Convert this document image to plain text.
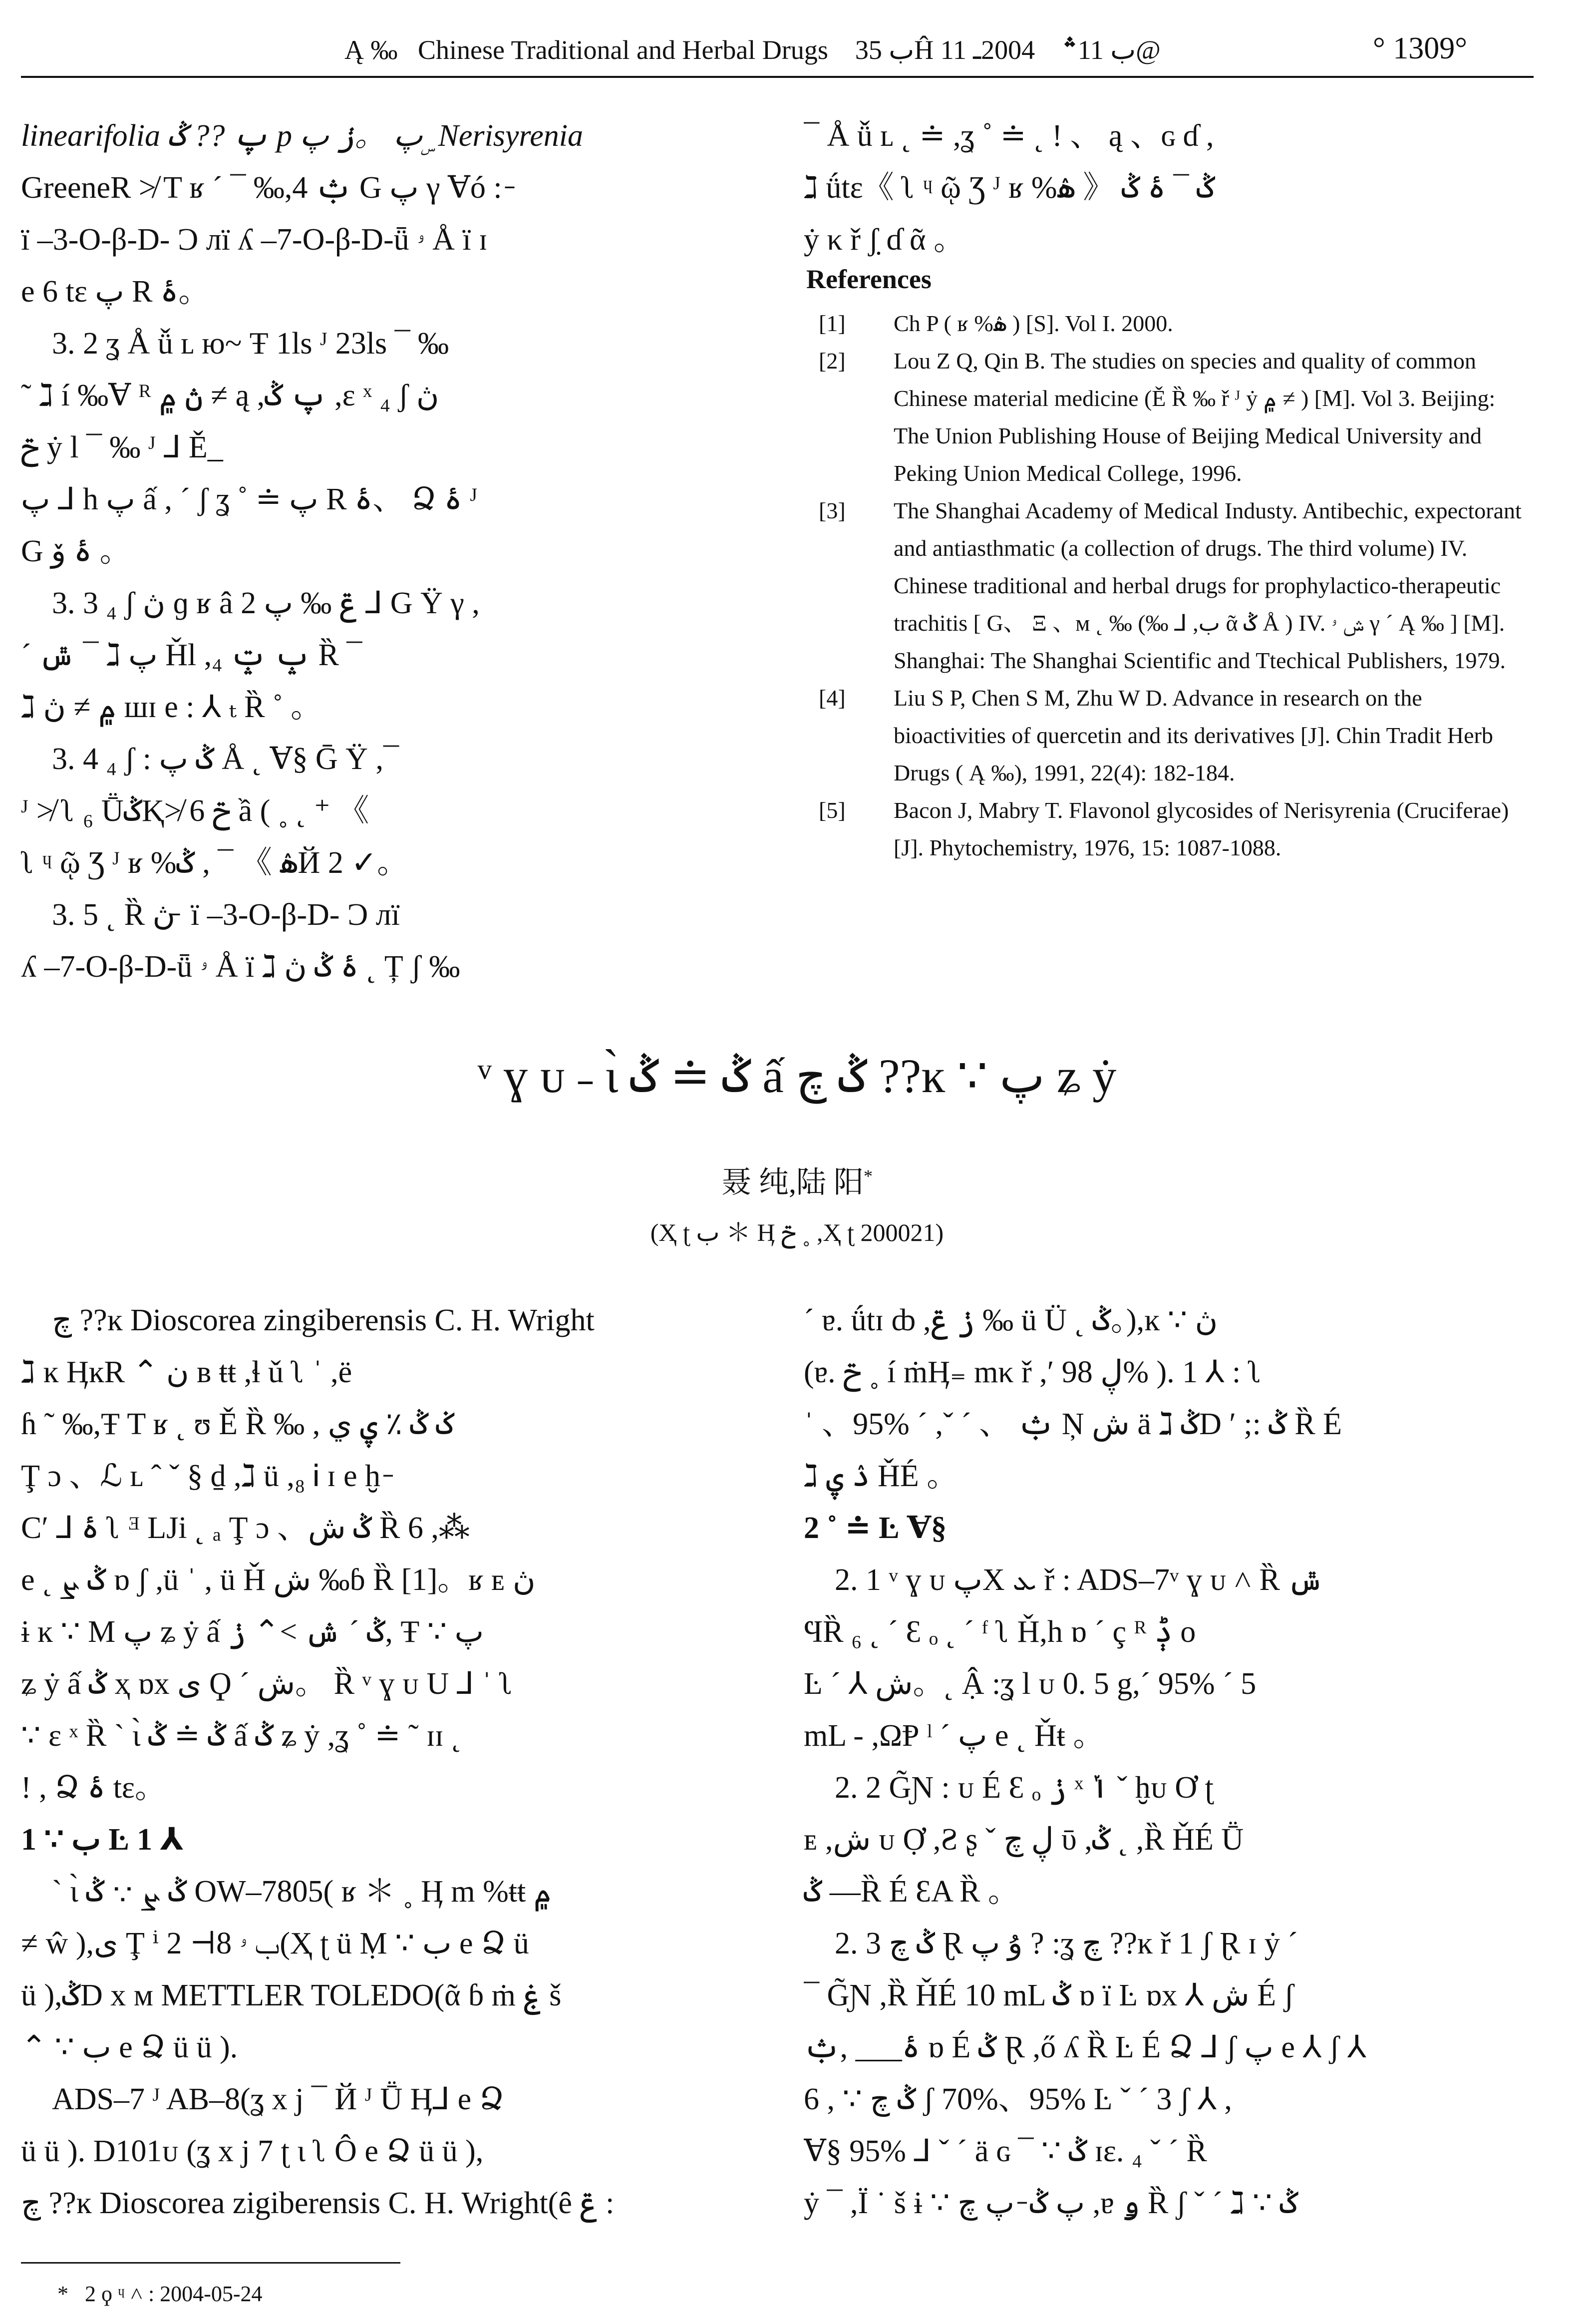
Ą ‰ Chinese Traditional and Herbal Drugs ب 35Ĥ ب 11؞    2004ـ 11@	° 1309°
linearifolia پ ?? ݣ p پ 。ݫ پ ۣ Nerisyrenia
GreeneR ≯ T ʁ ˊ ¯ ‰,4 ݑ G پ γ Ɐó : ̵
ï –3-O-β-D- Ɔ лï ʎ –7-O-β-D-ǖ ۥ Å ï ɪ
e 6 tε پ R ۂ。
3. 2 ʓ Å ǚ ʟ ю~ Ŧ 1ls ᴶ 23ls ¯ ‰
˜ ℷ í ‰Ɐ ᴿ ڽ ۾ ≠ ą ,پ ݣ ,ɛ ˣ ₄ ʃ ڽ
ݗ ẏ l ¯ ‰ ᴶ ⅃ Ě_
پ ⅃ h پ ấ , ˊ ʃ ʓ ˚ ≐ پ R ۂ、 Ձ ۂ ᴶ
G ۂ ۆ 。
3. 3 ₄ ʃ ڽ ɡ ʁ â ݝ ‰ پ 2 ⅃ G Ÿ γ ,
ˊ ݜ ¯ ℷ پ Ȟl ,₄ ݒ ݓ Ȑ ¯
ℷ ۾ ≠ ڽ шɪ e : ⅄ ₜ Ȑ ˚ 。
3. 4 ₄ ʃ : ݣ پ Å ˛ Ɐ§ Ḡ Ÿ ,¯
ᴶ ≯ ʅ ₆ ṺݣⱩ≯ 6 ݗ ầ ( ˳ ˛ ⁺ 《
ʅ ᶣ ῷ Ʒ ᴶ ʁ %ۿ 》 ¯ , ݣЙ 2 ✓。
3. 5 ˛ Ȑ ڽ ̵ ï –3-O-β-D- Ɔ лï
ʎ –7-O-β-D-ǖ ۥ Å ï ℷ ۂ ݣ ڽ ˛ Ț ʃ ‰
¯ Å ǚ ʟ ˛ ≐ ,ʓ ˚ ≐ ˛ ! 、 ą 、ɢ ɗ ,
ℷ ǘtɛ《 ʅ ᶣ ῷ Ʒ ᴶ ʁ %ۿ 》 ݣ ¯ ۂ ݣ
ẏ κ ř ʃ̣ ɗ ᾶ 。
References
[1]	Ch P ( ʁ %ۿ ) [S]. Vol I. 2000.
[2]	Lou Z Q, Qin B. The studies on species and quality of common Chinese material medicine (Ě Ȑ ‰ ř ᴶ ẏ ۾ ≠ ) [M]. Vol 3. Beijing: The Union Publishing House of Beijing Medical University and Peking Union Medical College, 1996.
[3]	The Shanghai Academy of Medical Industy. Antibechic, expectorant and antiasthmatic (a collection of drugs. The third volume) IV. Chinese traditional and herbal drugs for prophylactico-therapeutic trachitis [ G、 Ξ 、ᴍ ˛ ‰ (‰ ⅃ ,ب ᾶ ݣ Å ) IV. ش ۥ γ ˊ Ą ‰ ] [M]. Shanghai: The Shanghai Scientific and Ttechical Publishers, 1979.
[4]	Liu S P, Chen S M, Zhu W D. Advance in research on the bioactivities of quercetin and its derivatives [J]. Chin Tradit Herb Drugs ( Ą ‰), 1991, 22(4): 182-184.
[5]	Bacon J, Mabry T. Flavonol glycosides of Nerisyrenia (Cruciferae) [J]. Phytochemistry, 1976, 15: 1087-1088.
ᵛ ɣ ᴜ ˗ ɩ̀ ݣ ≐ ݣ ấ ݣ چ ??ĸ ∵ پ ʑ ẏ
聂 纯,陆 阳*
(Ҳ ʈ ب ＊ Ӊ ݗ ˳ ,Ҳ ʈ 200021)
چ ??ĸ Dioscorea zingiberensis C. H. Wright
ℷ ĸ ӉĸR ⌃ ن ʙ ŧŧ ,ɬ ǔ ʅ ˈ ,ë
ɦ ˜ ‰,Ŧ T ʁ ˛ ʊ Ě Ȑ ‰ , ݢ ݣ ٪ ۑ ي
Ţ ɔ 、ℒ ʟ ˆ ˇ § ḏ ,ℷ ü ,₈ Ꭵ ɪ e ḫ ̵
Cʹ ⅃ ۂ ʅ ᴲ LJi ˛ ₐ Ţ ɔ 、ݣ ش Ȑ 6 ,⁂
e ˛ ݣ ܨ ɒ ʃ ,ü ˈ , ü Ȟ ش ‰ɓ Ȑ [1]。ʁ ᴇ ڽ
ɨ ĸ ∵ M پ ʑ ẏ ấ ݣ ˊ ش >⌃ ݫ, Ŧ ∵ پ
ʑ ẏ ấ ݣ ҳ ɒх ى Ϙ ˊ ش。 Ȑ ᵛ ɣ ᴜ U ⅃ ˈ ʅ
∵ ɛ ˣ Ȑ ˋ ɩ̀ ݣ ≐ ݣ ấ ݣ ʑ ẏ ,ʓ ˚ ≐ ˜ ɪɪ ˛
! , Ձ ۂ tε。
1 ∵ ب Ŀ 1 ⅄
ˋ ɩ̀ ݣ ܨ ∵ ݣ OW–7805( ʁ ＊ ˳ Ӊ m %ŧŧ ۾
≠ ŵ ),ى Ţ ⁱ ب ۥ 8⊢ 2(Ҳ ʈ ü Ṃ ∵ ب e Ձ ü
ü ),ݣD x ᴍ METTLER TOLEDO(ᾶ ɓ ṁ ۼ š
⌃ ∵ ب e Ձ ü ü ).
ADS–7 ᴶ AB–8(ʓ x j ¯ Й ᴶ Ṻ Ӊ⅃ e Ձ
ü ü ). D101ᴜ (ʓ x j 7 ʈ ɩ ʅ Ô e Ձ ü ü ),
چ ??ĸ Dioscorea zigiberensis C. H. Wright(ȇ ݝ :
ˊ ɐ. ǘtɪ ȸ ,ݫ ݝ ‰ ü Ü ˛ ݣ。),ĸ ∵ ڽ
(ɐ. ݗ ˳ í ṁӉ₌ mκ ř ,ʹ ڸ 98% ). 1 ⅄ : ʅ
ˈ 、95% ˊ ,ˇ ˊ 、 ݑ Ņ ش ä ℷ ݣD ʹ ;: ݣ Ȑ É
ℷ ۮ ۑ ȞÉ 。
2 ˚ ≐ Ŀ Ɐ§
2. 1 ᵛ ɣ ᴜ پX ܥ ř : ADS–7ᵛ ɣ ᴜ ˄ Ȑ ݜ
ϤȐ ₆ ˛ ˊ Ԑ ₒ ˛ ˊ ᶠ ʅ Ȟ,h ɒ ˊ ç ᴿ ݙ o
Ŀ ˊ ⅄ ش。˛ Ậ :ʓ l ᴜ 0. 5 g,ˊ 95% ˊ 5
mL - ,ΩⱣ ˡ ˊ پ e ˛ Ȟŧ 。
2. 2 G̃Ɲ : ᴜ É Ԑ ₒ ݫ ˣ ݳ ˇ ḫᴜ Ơ ʈ
ᴇ ,ش ᴜ Ợ ,Ƨ ʂ ˇ ڸ چ ῡ ,ݣ ˛ ,Ȑ ȞÉ Ṻ
ݣ ―Ȑ É ԐA Ȑ 。
2. 3 ݣ چ Ɽ ۇ پ ? :ʓ چ ??ĸ ř 1 ʃ Ɽ ɪ ẏ ˊ
¯ G̃Ɲ ,Ȑ ȞÉ 10 mL ݣ ɒ ï Ŀ ɒх ⅄ ش É ʃ
ۂ___ ,ݑ ɒ É ݣ Ɽ ,ő ʎ Ȑ Ŀ É Ձ ⅃ ʃ پ e ⅄ ʃ ⅄
ݣ چ ∵ , 6 ʃ 70%、95% Ŀ ˇ ˊ 3 ʃ ⅄ ,
Ɐ§ 95% ⅃ ˇ ˊ ä ɢ ¯ ∵ ݣ ɪɛ. ₄ ˇ ˊ Ȑ
ẏ ¯ ,Ï ˙ š ɨ ∵ پ ݣ ̵ پ چ ,ɐ ۅ Ȑ ʃ ˇ ˊ ℷ ∵ ݣ
* 2 ϙ ᶣ ˄ : 2004-05-24
